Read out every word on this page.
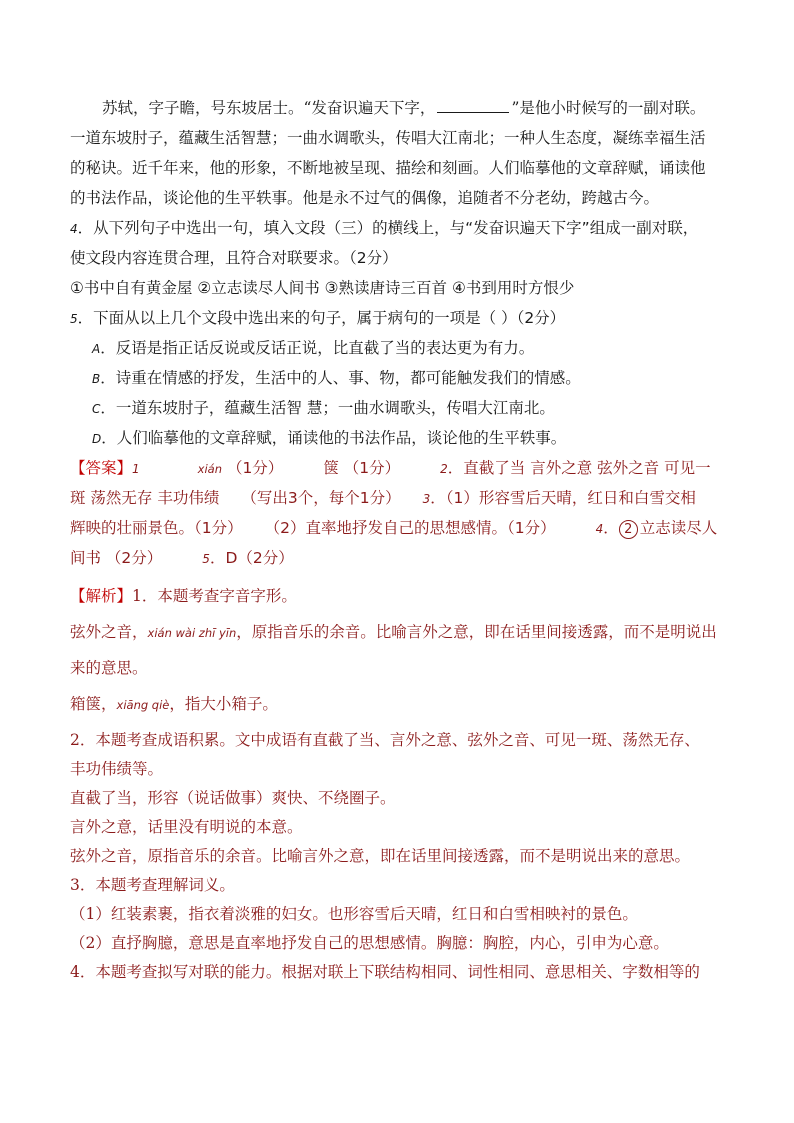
苏轼，字子瞻，号东坡居士。“发奋识遍天下字，	”是他小时候写的一副对联。
一道东坡肘子，蕴藏生活智慧；一曲水调歌头，传唱大江南北；一种人生态度，凝练幸福生活
的秘诀。近千年来，他的形象，不断地被呈现、描绘和刻画。人们临摹他的文章辞赋，诵读他
的书法作品，谈论他的生平轶事。他是永不过气的偶像，追随者不分老幼，跨越古今。
4．从下列句子中选出一句，填入文段（三）的横线上，与“发奋识遍天下字”组成一副对联，
使文段内容连贯合理，且符合对联要求。（2分）
①书中自有黄金屋 ②立志读尽人间书 ③熟读唐诗三百首 ④书到用时方恨少
5．下面从以上几个文段中选出来的句子，属于病句的一项是（ ）（2分）
A．反语是指正话反说或反话正说，比直截了当的表达更为有力。
B．诗重在情感的抒发，生活中的人、事、物，都可能触发我们的情感。
C．一道东坡肘子，蕴藏生活智 慧；一曲水调歌头，传唱大江南北。
D．人们临摹他的文章辞赋，诵读他的书法作品，谈论他的生平轶事。
【答案】1	xián （1分）	箧 （1分）	2．直截了当 言外之意 弦外之音 可见一
斑 荡然无存 丰功伟绩 （写出3个，每个1分） 3．（1）形容雪后天晴，红日和白雪交相
辉映的壮丽景色。（1分） （2）直率地抒发自己的思想感情。（1分）	4． 2 立志读尽人
间书 （2分）	5．D（2分）
【解析】1．本题考查字音字形。
弦外之音，xián wài zhī yīn，原指音乐的余音。比喻言外之意，即在话里间接透露，而不是明说出
来的意思。
箱箧，xiāng qiè，指大小箱子。
2．本题考查成语积累。文中成语有直截了当、言外之意、弦外之音、可见一斑、荡然无存、
丰功伟绩等。
直截了当，形容（说话做事）爽快、不绕圈子。
言外之意，话里没有明说的本意。
弦外之音，原指音乐的余音。比喻言外之意，即在话里间接透露，而不是明说出来的意思。
3．本题考查理解词义。
（1）红装素裹，指衣着淡雅的妇女。也形容雪后天晴，红日和白雪相映衬的景色。
（2）直抒胸臆，意思是直率地抒发自己的思想感情。胸臆：胸腔，内心，引申为心意。
4．本题考查拟写对联的能力。根据对联上下联结构相同、词性相同、意思相关、字数相等的
